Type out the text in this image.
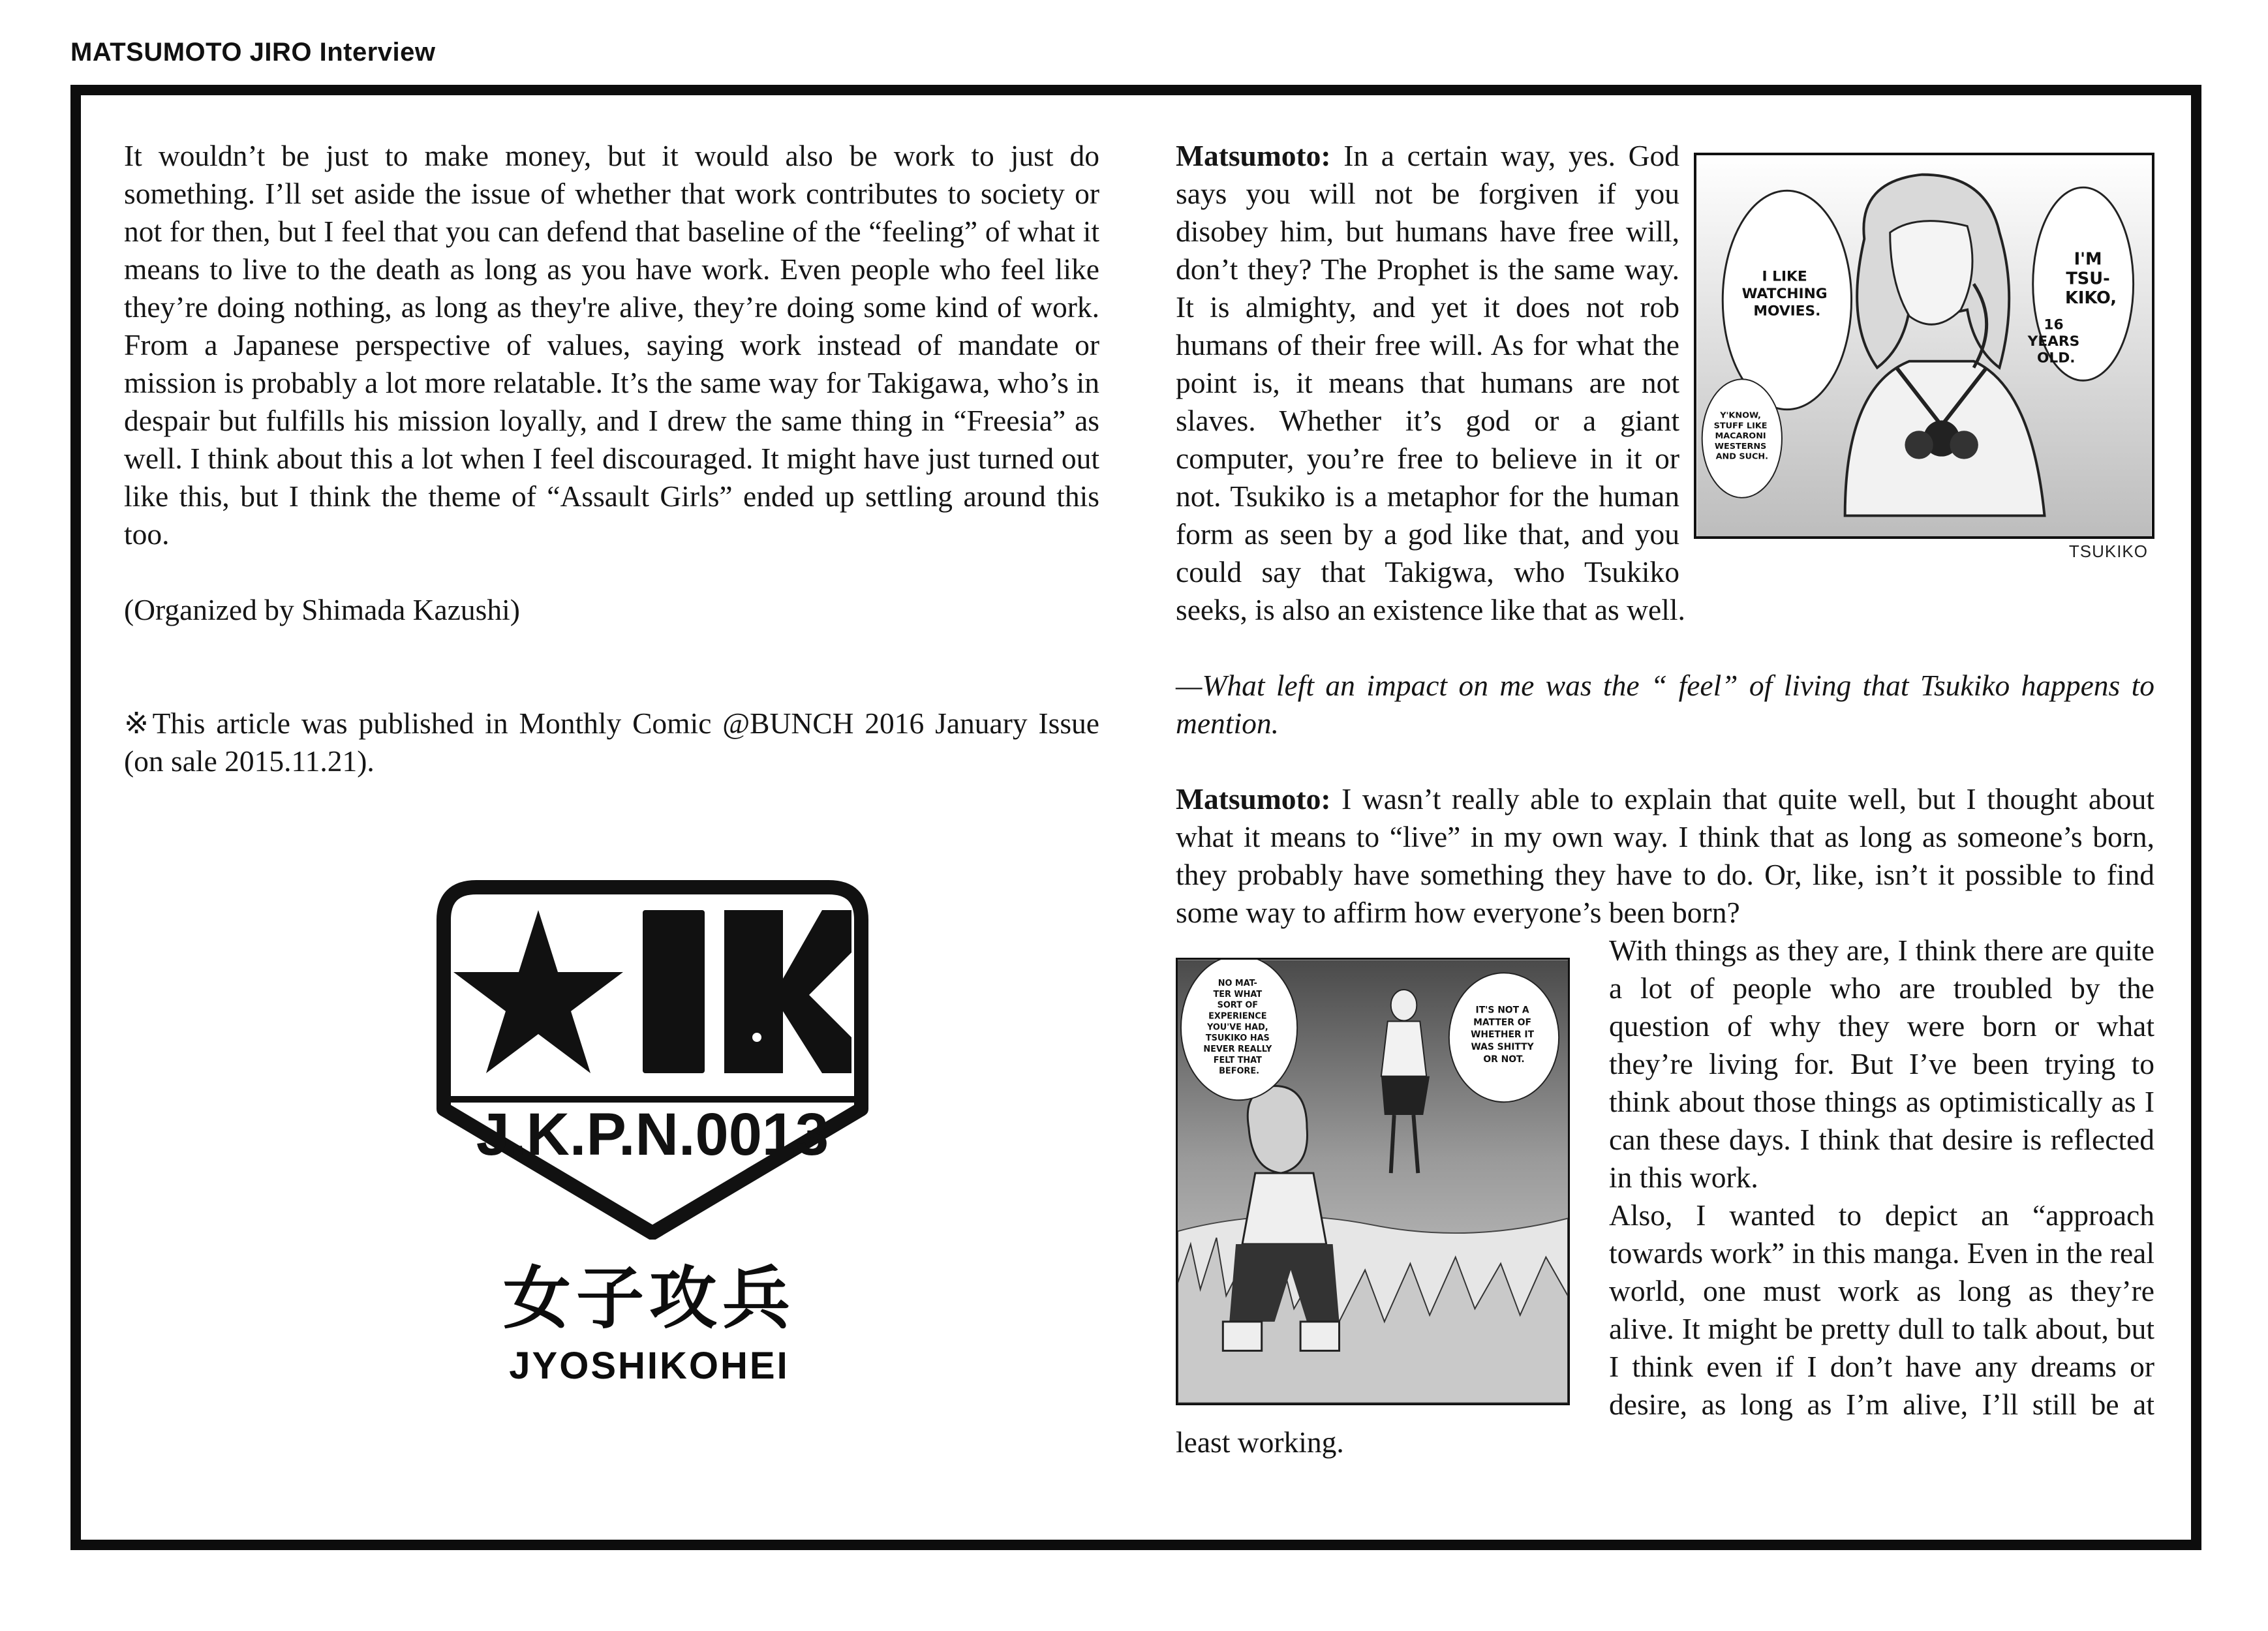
MATSUMOTO JIRO Interview

It wouldn’t be just to make money, but it would also be work to just do something. I’ll set aside the issue of whether that work contributes to society or not for then, but I feel that you can defend that baseline of the “feeling” of what it means to live to the death as long as you have work. Even people who feel like they’re doing nothing, as long as they're alive, they’re doing some kind of work. From a Japanese perspective of values, saying work instead of mandate or mission is probably a lot more relatable. It’s the same way for Takigawa, who’s in despair but fulfills his mission loyally, and I drew the same thing in “Freesia” as well. I think about this a lot when I feel discouraged. It might have just turned out like this, but I think the theme of “Assault Girls” ended up settling around this too.

(Organized by Shimada Kazushi)

※This article was published in Monthly Comic @BUNCH 2016 January Issue (on sale 2015.11.21).

J.K.P.N.0013
女子攻兵
JYOSHIKOHEI
I LIKE WATCHING MOVIES.
I'M TSU- KIKO,
16 YEARS OLD.
Y'KNOW, STUFF LIKE MACARONI WESTERNS AND SUCH.
TSUKIKO

Matsumoto: In a certain way, yes. God says you will not be forgiven if you disobey him, but humans have free will, don’t they? The Prophet is the same way. It is almighty, and yet it does not rob humans of their free will. As for what the point is, it means that humans are not slaves. Whether it’s god or a giant computer, you’re free to believe in it or not. Tsukiko is a metaphor for the human form as seen by a god like that, and you could say that Takigwa, who Tsukiko seeks, is also an existence like that as well.

—What left an impact on me was the “ feel” of living that Tsukiko happens to mention.

Matsumoto: I wasn’t really able to explain that quite well, but I thought about what it means to “live” in my own way. I think that as long as someone’s born, they probably have something they have to do. Or, like, isn’t it possible to find some way to affirm how everyone’s been born?

NO MAT- TER WHAT SORT OF EXPERIENCE YOU'VE HAD, TSUKIKO HAS NEVER REALLY FELT THAT BEFORE.
IT'S NOT A MATTER OF WHETHER IT WAS SHITTY OR NOT.

With things as they are, I think there are quite a lot of people who are troubled by the question of why they were born or what they’re living for. But I’ve been trying to think about those things as optimistically as I can these days. I think that desire is reflected in this work.

Also, I wanted to depict an “approach towards work” in this manga. Even in the real world, one must work as long as they’re alive. It might be pretty dull to talk about, but I think even if I don’t have any dreams or desire, as long as I’m alive, I’ll still be at least working.
